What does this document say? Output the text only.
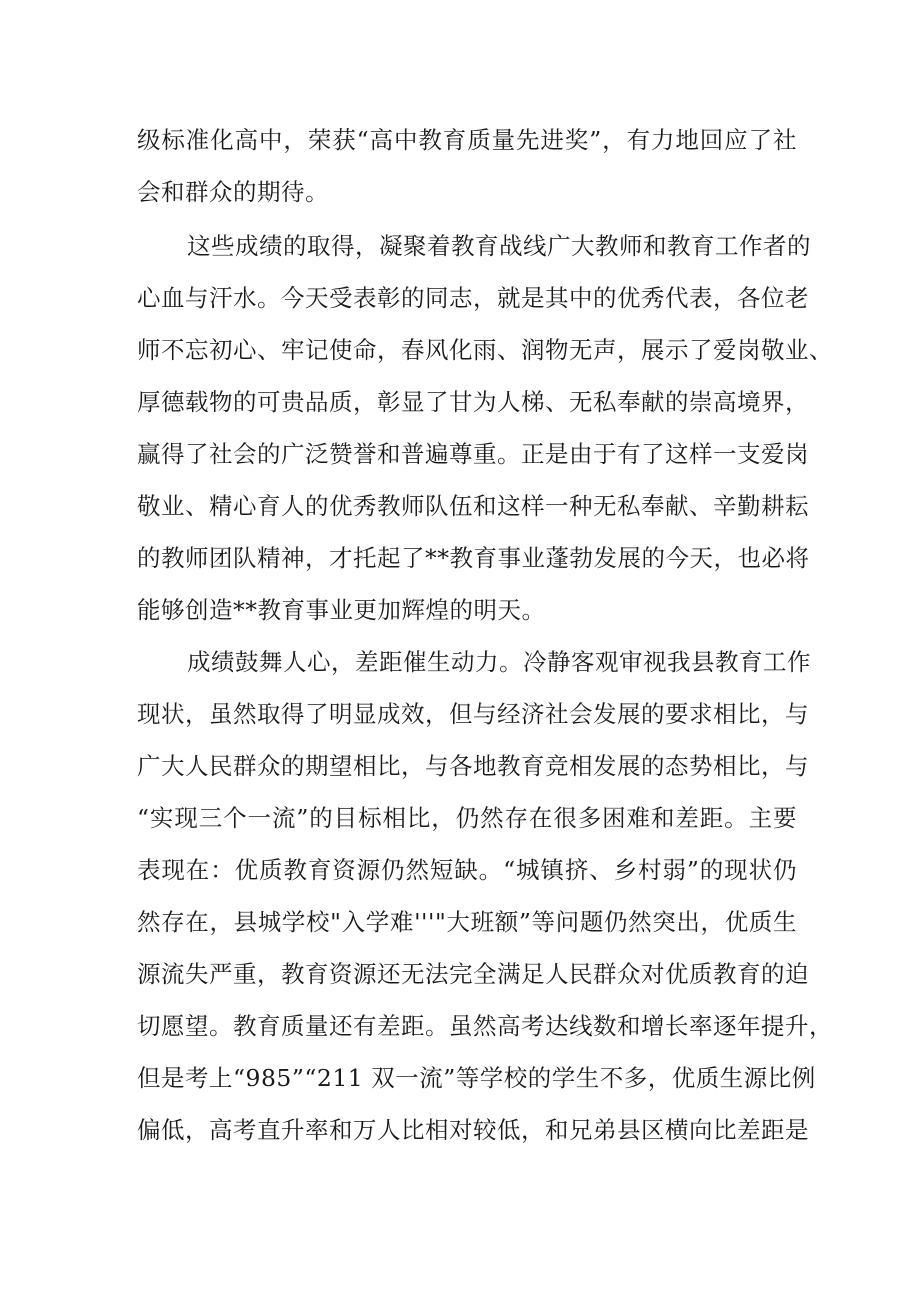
级标准化高中，荣获“高中教育质量先进奖”，有力地回应了社
会和群众的期待。
这些成绩的取得，凝聚着教育战线广大教师和教育工作者的
心血与汗水。今天受表彰的同志，就是其中的优秀代表，各位老
师不忘初心、牢记使命，春风化雨、润物无声，展示了爱岗敬业、
厚德载物的可贵品质，彰显了甘为人梯、无私奉献的崇高境界，
赢得了社会的广泛赞誉和普遍尊重。正是由于有了这样一支爱岗
敬业、精心育人的优秀教师队伍和这样一种无私奉献、辛勤耕耘
的教师团队精神，才托起了**教育事业蓬勃发展的今天，也必将
能够创造**教育事业更加辉煌的明天。
成绩鼓舞人心，差距催生动力。冷静客观审视我县教育工作
现状，虽然取得了明显成效，但与经济社会发展的要求相比，与
广大人民群众的期望相比，与各地教育竞相发展的态势相比，与
“实现三个一流”的目标相比，仍然存在很多困难和差距。主要
表现在：优质教育资源仍然短缺。“城镇挤、乡村弱”的现状仍
然存在，县城学校"入学难'''"大班额”等问题仍然突出，优质生
源流失严重，教育资源还无法完全满足人民群众对优质教育的迫
切愿望。教育质量还有差距。虽然高考达线数和增长率逐年提升，
但是考上“985”“211 双一流”等学校的学生不多，优质生源比例
偏低，高考直升率和万人比相对较低，和兄弟县区横向比差距是
